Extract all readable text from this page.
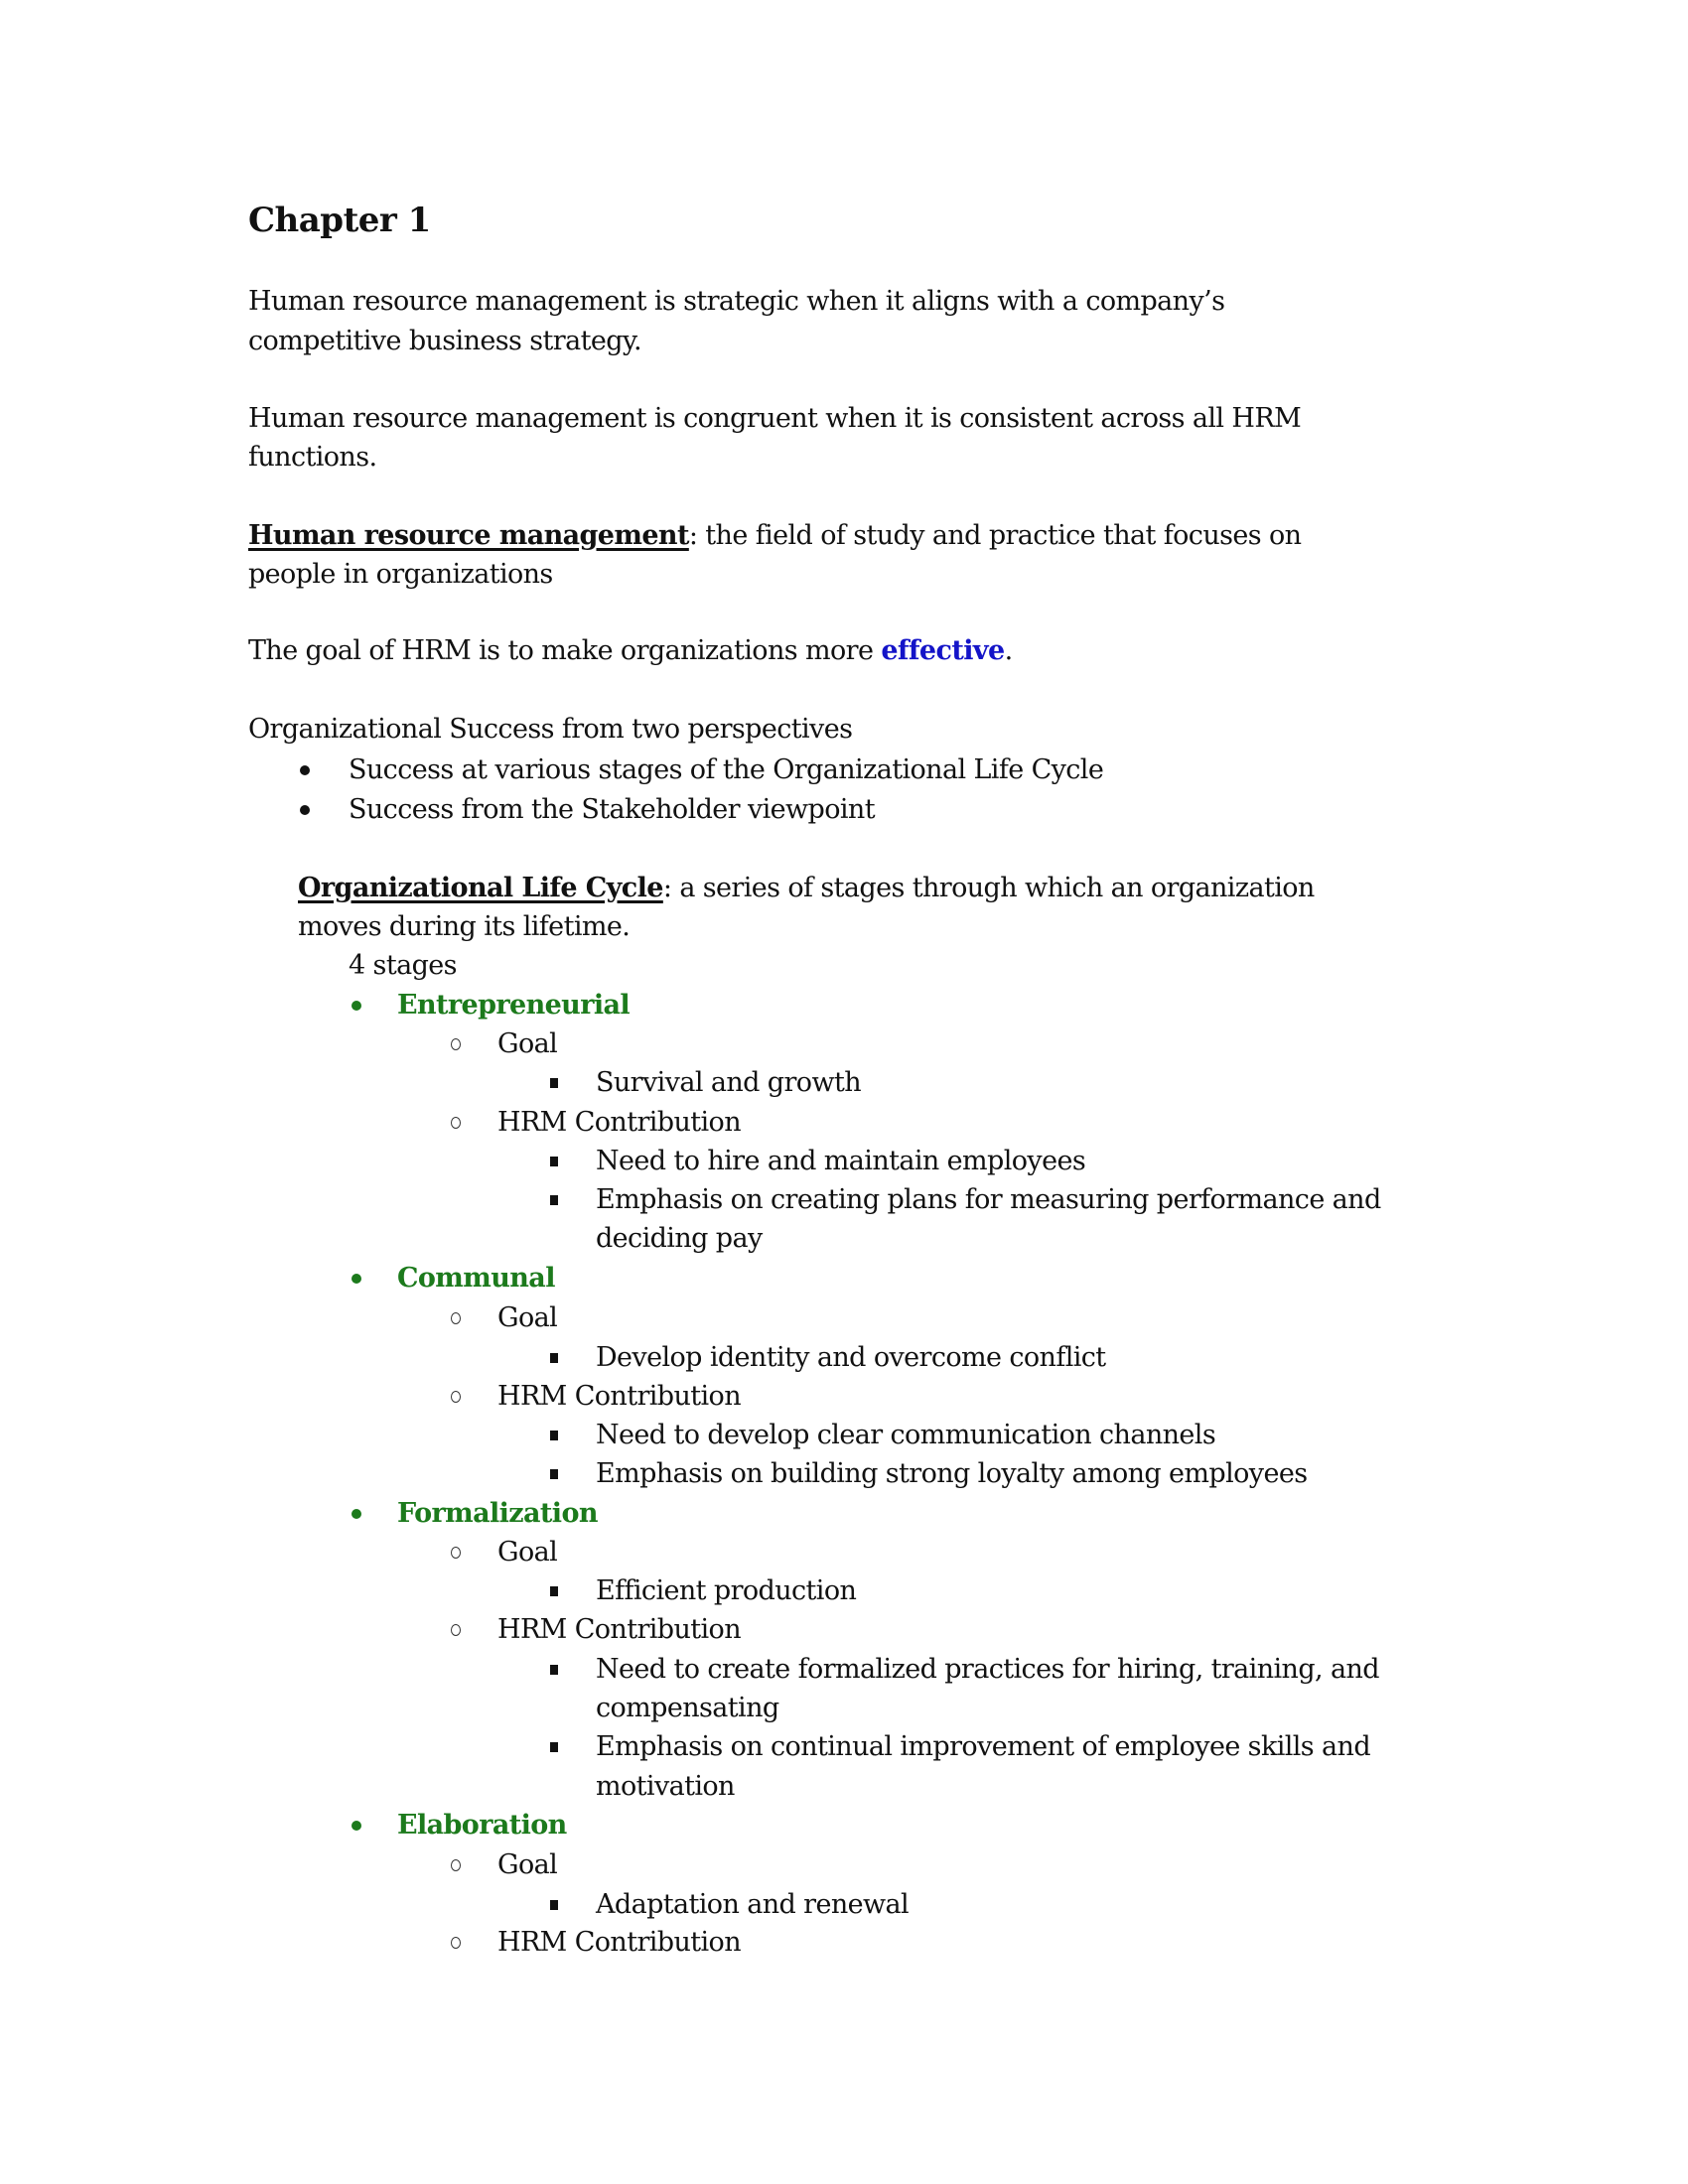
Chapter 1
Human resource management is strategic when it aligns with a company’s
competitive business strategy.
Human resource management is congruent when it is consistent across all HRM
functions.
Human resource management: the field of study and practice that focuses on
people in organizations
The goal of HRM is to make organizations more effective.
Organizational Success from two perspectives
Success at various stages of the Organizational Life Cycle
Success from the Stakeholder viewpoint
Organizational Life Cycle: a series of stages through which an organization
moves during its lifetime.
4 stages
Entrepreneurial
Goal
Survival and growth
HRM Contribution
Need to hire and maintain employees
Emphasis on creating plans for measuring performance and
deciding pay
Communal
Goal
Develop identity and overcome conflict
HRM Contribution
Need to develop clear communication channels
Emphasis on building strong loyalty among employees
Formalization
Goal
Efficient production
HRM Contribution
Need to create formalized practices for hiring, training, and
compensating
Emphasis on continual improvement of employee skills and
motivation
Elaboration
Goal
Adaptation and renewal
HRM Contribution
